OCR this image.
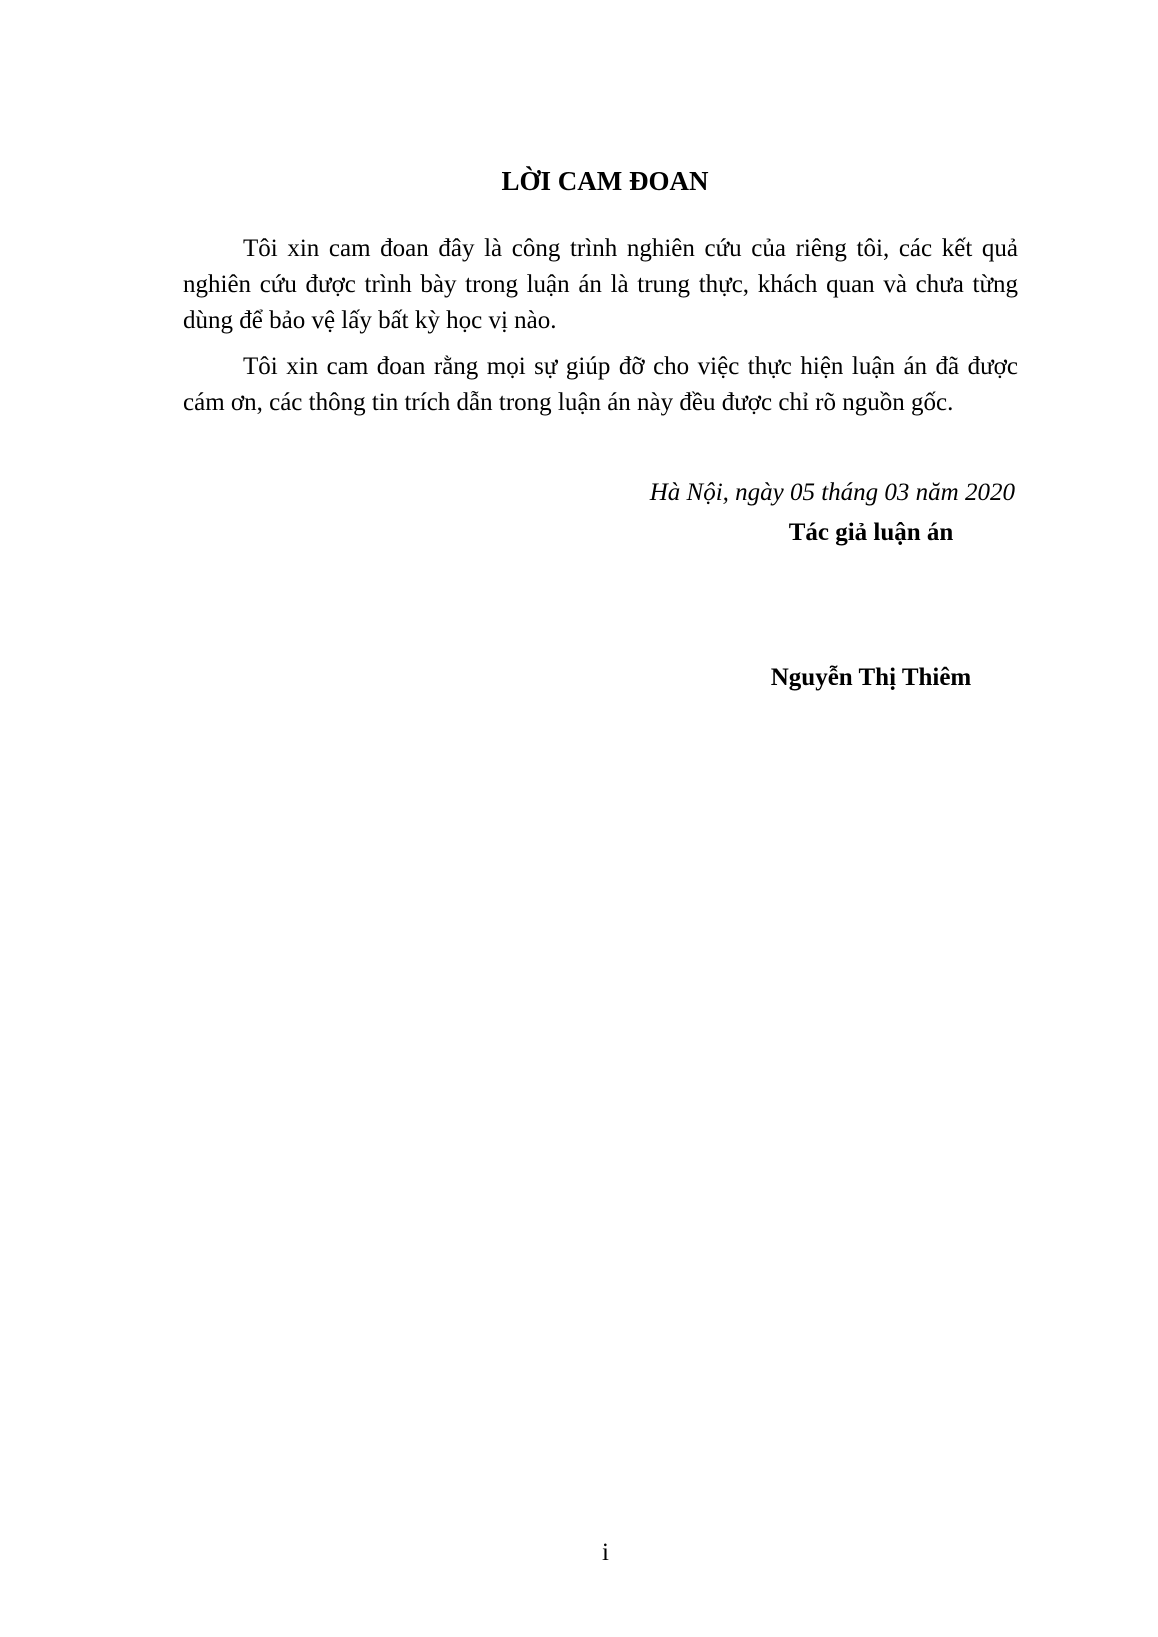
LỜI CAM ĐOAN
Tôi xin cam đoan đây là công trình nghiên cứu của riêng tôi, các kết quả
nghiên cứu được trình bày trong luận án là trung thực, khách quan và chưa từng
dùng để bảo vệ lấy bất kỳ học vị nào.
Tôi xin cam đoan rằng mọi sự giúp đỡ cho việc thực hiện luận án đã được
cám ơn, các thông tin trích dẫn trong luận án này đều được chỉ rõ nguồn gốc.
Hà Nội, ngày 05 tháng 03 năm 2020
Tác giả luận án
Nguyễn Thị Thiêm
i
